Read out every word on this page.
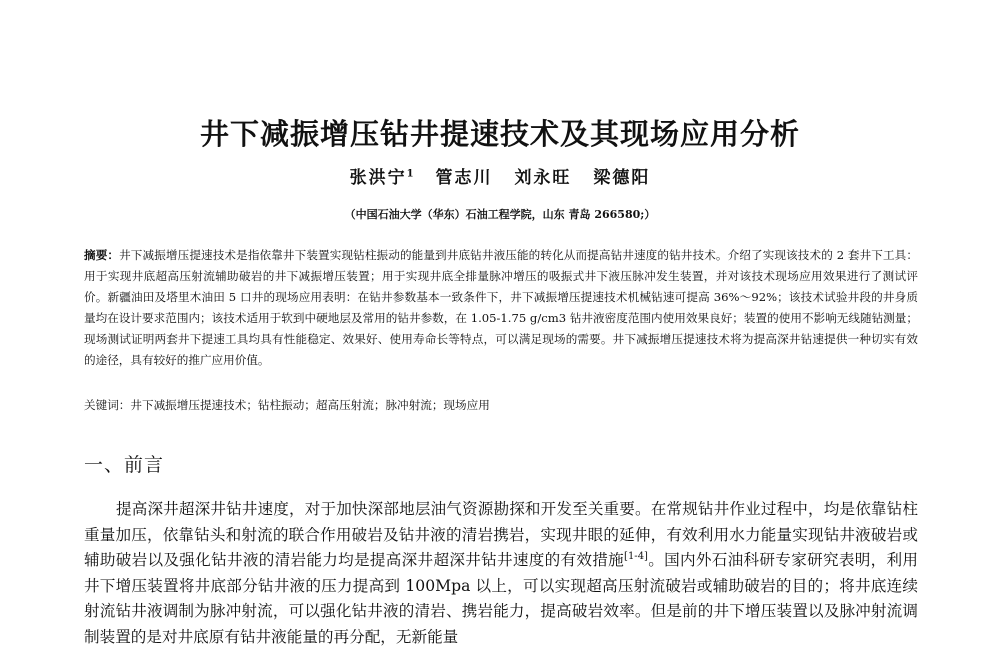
井下减振增压钻井提速技术及其现场应用分析
张洪宁$^1$ 管志川 刘永旺 梁德阳
（中国石油大学（华东）石油工程学院，山东 青岛 266580;）
摘要：井下减振增压提速技术是指依靠井下装置实现钻柱振动的能量到井底钻井液压能的转化从而提高钻井速度的钻井技术。介绍了实现该技术的 2 套井下工具：用于实现井底超高压射流辅助破岩的井下减振增压装置；用于实现井底全排量脉冲增压的吸振式井下液压脉冲发生装置，并对该技术现场应用效果进行了测试评价。新疆油田及塔里木油田 5 口井的现场应用表明：在钻井参数基本一致条件下，井下减振增压提速技术机械钻速可提高 36%～92%；该技术试验井段的井身质量均在设计要求范围内；该技术适用于软到中硬地层及常用的钻井参数，在 1.05-1.75 g/cm3 钻井液密度范围内使用效果良好；装置的使用不影响无线随钻测量；现场测试证明两套井下提速工具均具有性能稳定、效果好、使用寿命长等特点，可以满足现场的需要。井下减振增压提速技术将为提高深井钻速提供一种切实有效的途径，具有较好的推广应用价值。
关键词：井下减振增压提速技术；钻柱振动；超高压射流；脉冲射流；现场应用
一、前言

提高深井超深井钻井速度，对于加快深部地层油气资源勘探和开发至关重要。在常规钻井作业过程中，均是依靠钻柱重量加压，依靠钻头和射流的联合作用破岩及钻井液的清岩携岩，实现井眼的延伸，有效利用水力能量实现钻井液破岩或辅助破岩以及强化钻井液的清岩能力均是提高深井超深井钻井速度的有效措施[1-4]。国内外石油科研专家研究表明，利用井下增压装置将井底部分钻井液的压力提高到 100Mpa 以上，可以实现超高压射流破岩或辅助破岩的目的；将井底连续射流钻井液调制为脉冲射流，可以强化钻井液的清岩、携岩能力，提高破岩效率。但是前的井下增压装置以及脉冲射流调制装置的是对井底原有钻井液能量的再分配，无新能量
